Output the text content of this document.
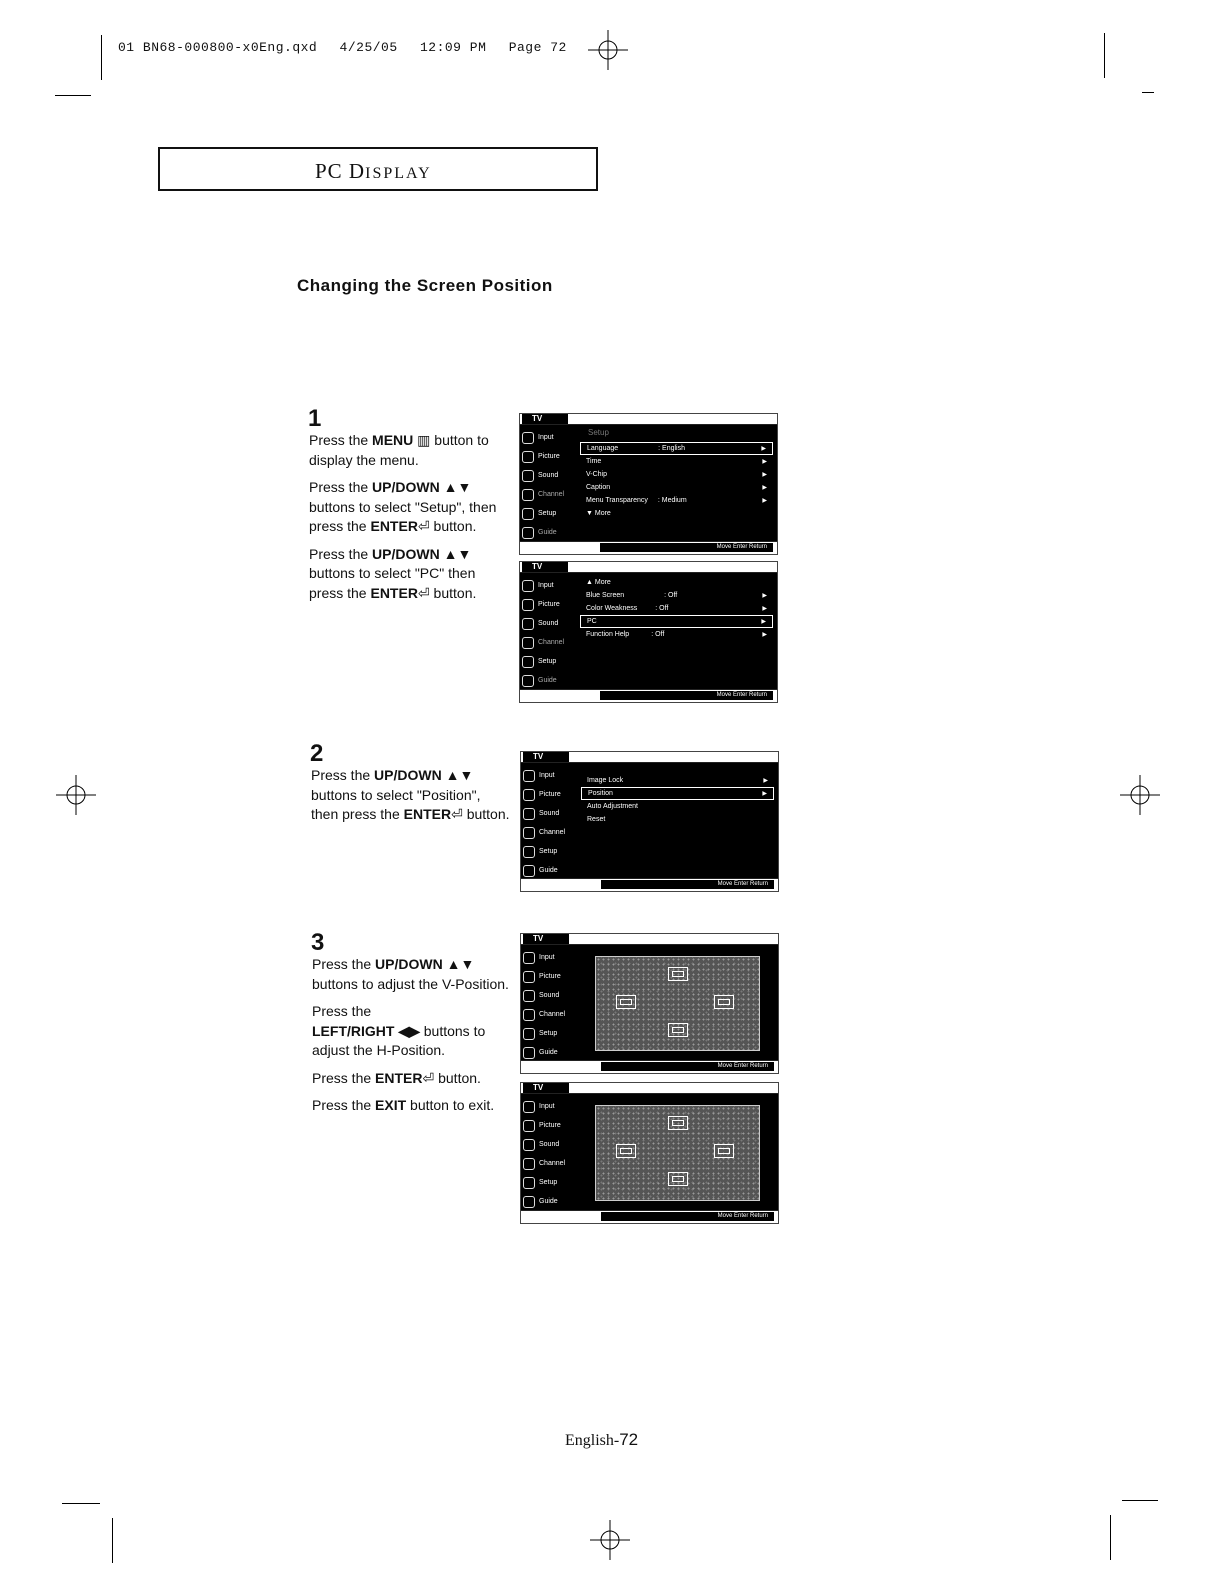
01 BN68-000800-x0Eng.qxd 4/25/05 12:09 PM Page 72
PC DISPLAY
Changing the Screen Position
1

Press the MENU ▥ button to display the menu.

Press the UP/DOWN ▲▼ buttons to select "Setup", then press the ENTER⏎ button.

Press the UP/DOWN ▲▼ buttons to select "PC" then press the ENTER⏎ button.

TV
Input
Picture
Sound
Channel
Setup
Guide
Setup
Language	: English	▶
Time	▶
V-Chip	▶
Caption	▶
Menu Transparency : Medium	▶
▼ More
Move Enter Return
TV
Input
Picture
Sound
Channel
Setup
Guide
▲ More
Blue Screen	: Off	▶
Color Weakness	: Off	▶
PC	▶
Function Help	: Off	▶
Move Enter Return
2

Press the UP/DOWN ▲▼ buttons to select "Position", then press the ENTER⏎ button.

TV
Input
Picture
Sound
Channel
Setup
Guide
Image Lock	▶
Position	▶
Auto Adjustment
Reset
Move Enter Return
3

Press the UP/DOWN ▲▼ buttons to adjust the V-Position.

Press the
LEFT/RIGHT ◀▶ buttons to adjust the H-Position.

Press the ENTER⏎ button.

Press the EXIT button to exit.

TV
Input
Picture
Sound
Channel
Setup
Guide
Move Enter Return
TV
Input
Picture
Sound
Channel
Setup
Guide
Move Enter Return
English-72
